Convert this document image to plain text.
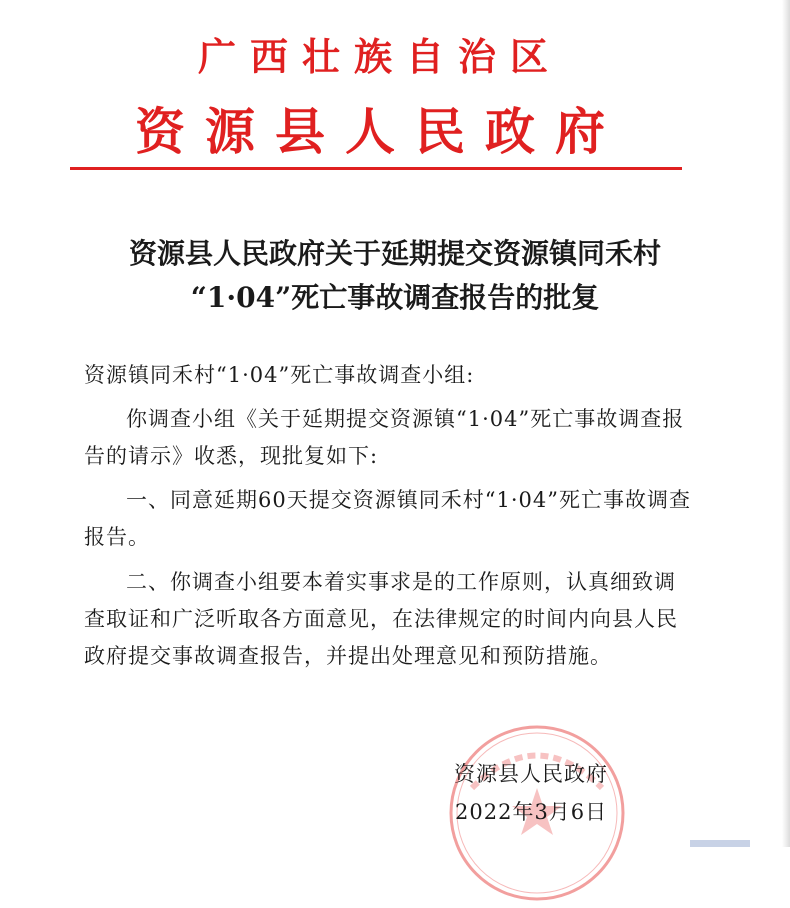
广西壮族自治区
资源县人民政府
资源县人民政府关于延期提交资源镇同禾村
“1·04”死亡事故调查报告的批复
资源镇同禾村“1·04”死亡事故调查小组:
你调查小组《关于延期提交资源镇“1·04”死亡事故调查报告的请示》收悉，现批复如下:
一、同意延期60天提交资源镇同禾村“1·04”死亡事故调查报告。
二、你调查小组要本着实事求是的工作原则，认真细致调查取证和广泛听取各方面意见，在法律规定的时间内向县人民政府提交事故调查报告，并提出处理意见和预防措施。
资源县人民政府
2022年3月6日
